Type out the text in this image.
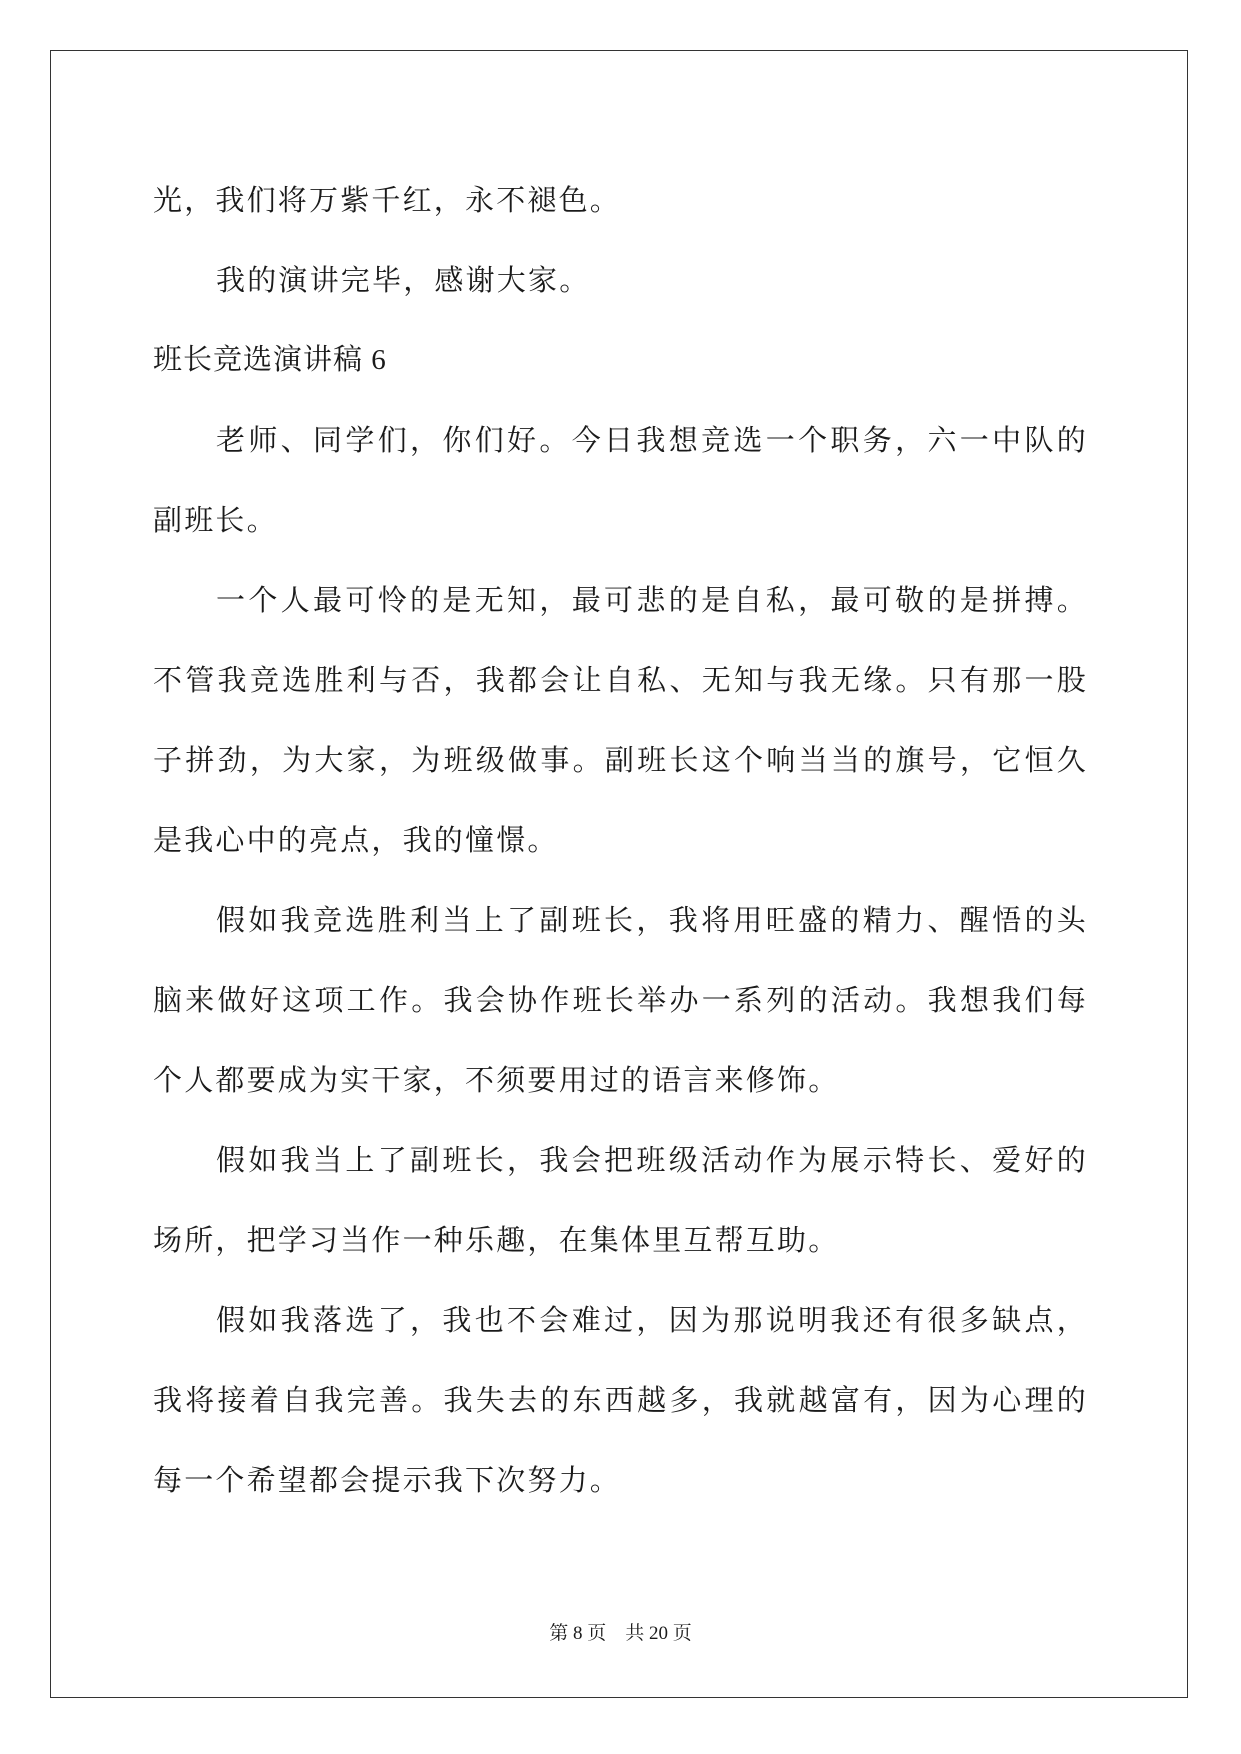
光，我们将万紫千红，永不褪色。

我的演讲完毕，感谢大家。

班长竞选演讲稿 6

老师、同学们，你们好。今日我想竞选一个职务，六一中队的副班长。

一个人最可怜的是无知，最可悲的是自私，最可敬的是拼搏。不管我竞选胜利与否，我都会让自私、无知与我无缘。只有那一股子拼劲，为大家，为班级做事。副班长这个响当当的旗号，它恒久是我心中的亮点，我的憧憬。

假如我竞选胜利当上了副班长，我将用旺盛的精力、醒悟的头脑来做好这项工作。我会协作班长举办一系列的活动。我想我们每个人都要成为实干家，不须要用过的语言来修饰。

假如我当上了副班长，我会把班级活动作为展示特长、爱好的场所，把学习当作一种乐趣，在集体里互帮互助。

假如我落选了，我也不会难过，因为那说明我还有很多缺点，我将接着自我完善。我失去的东西越多，我就越富有，因为心理的每一个希望都会提示我下次努力。

第 8 页 共 20 页
